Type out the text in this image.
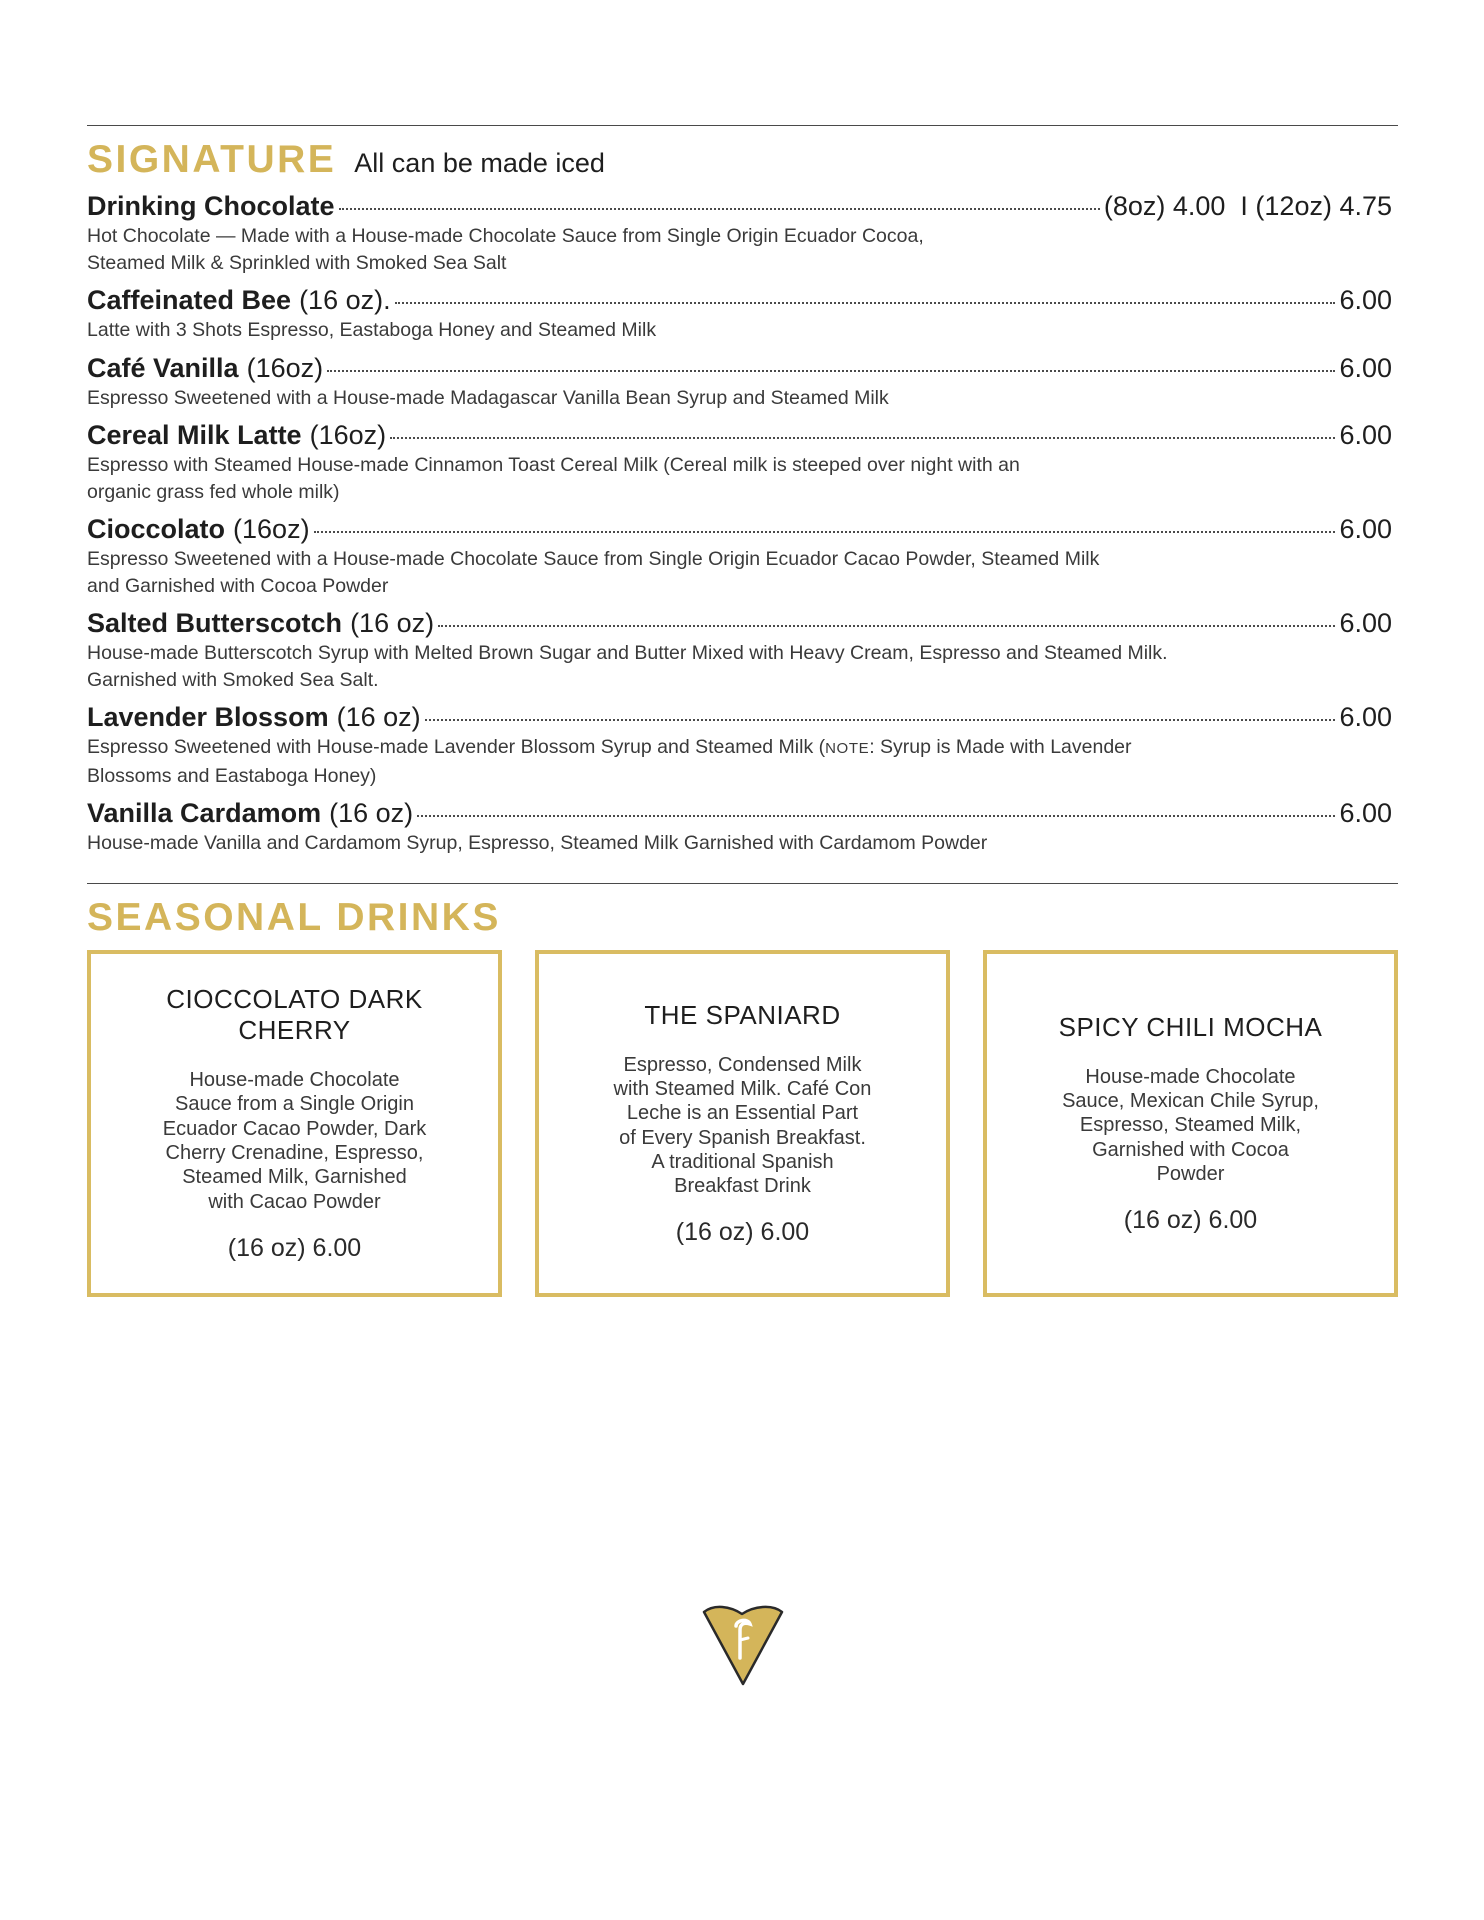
SIGNATURE All can be made iced
Drinking Chocolate	(8oz) 4.00  I (12oz) 4.75
Hot Chocolate — Made with a House-made Chocolate Sauce from Single Origin Ecuador Cocoa,
Steamed Milk & Sprinkled with Smoked Sea Salt
Caffeinated Bee (16 oz).	6.00
Latte with 3 Shots Espresso, Eastaboga Honey and Steamed Milk
Café Vanilla (16oz)	6.00
Espresso Sweetened with a House-made Madagascar Vanilla Bean Syrup and Steamed Milk
Cereal Milk Latte (16oz)	6.00
Espresso with Steamed House-made Cinnamon Toast Cereal Milk (Cereal milk is steeped over night with an
organic grass fed whole milk)
Cioccolato (16oz)	6.00
Espresso Sweetened with a House-made Chocolate Sauce from Single Origin Ecuador Cacao Powder, Steamed Milk
and Garnished with Cocoa Powder
Salted Butterscotch (16 oz)	6.00
House-made Butterscotch Syrup with Melted Brown Sugar and Butter Mixed with Heavy Cream, Espresso and Steamed Milk.
Garnished with Smoked Sea Salt.
Lavender Blossom (16 oz)	6.00
Espresso Sweetened with House-made Lavender Blossom Syrup and Steamed Milk (NOTE: Syrup is Made with Lavender
Blossoms and Eastaboga Honey)
Vanilla Cardamom (16 oz)	6.00
House-made Vanilla and Cardamom Syrup, Espresso, Steamed Milk Garnished with Cardamom Powder
SEASONAL DRINKS
CIOCCOLATO DARK
CHERRY
House-made Chocolate
Sauce from a Single Origin
Ecuador Cacao Powder, Dark
Cherry Crenadine, Espresso,
Steamed Milk, Garnished
with Cacao Powder
(16 oz) 6.00
THE SPANIARD
Espresso, Condensed Milk
with Steamed Milk. Café Con
Leche is an Essential Part
of Every Spanish Breakfast.
A traditional Spanish
Breakfast Drink
(16 oz) 6.00
SPICY CHILI MOCHA
House-made Chocolate
Sauce, Mexican Chile Syrup,
Espresso, Steamed Milk,
Garnished with Cocoa
Powder
(16 oz) 6.00
